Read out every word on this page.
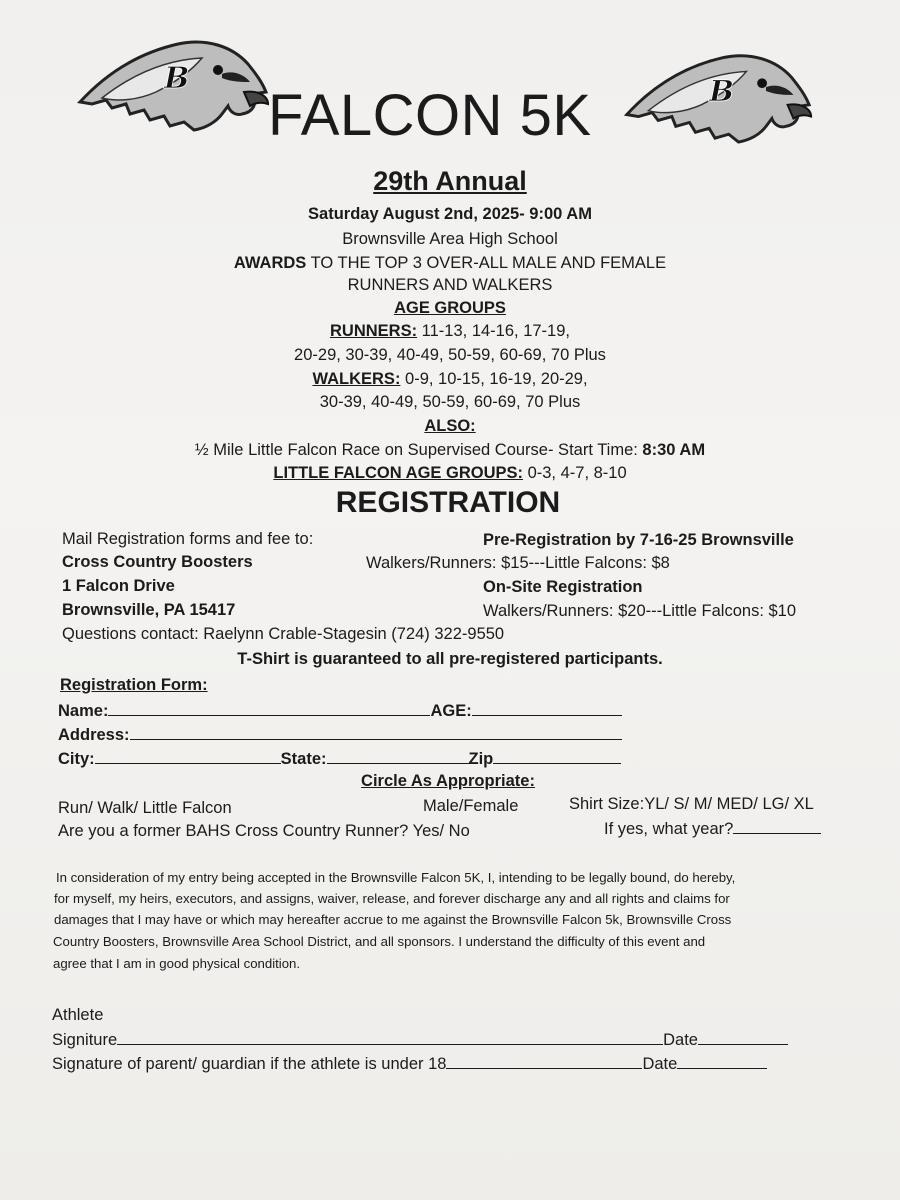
B	B
FALCON 5K
29th Annual
Saturday August 2nd, 2025- 9:00 AM
Brownsville Area High School
AWARDS TO THE TOP 3 OVER-ALL MALE AND FEMALE
RUNNERS AND WALKERS
AGE GROUPS
RUNNERS: 11-13, 14-16, 17-19,
20-29, 30-39, 40-49, 50-59, 60-69, 70 Plus
WALKERS: 0-9, 10-15, 16-19, 20-29,
30-39, 40-49, 50-59, 60-69, 70 Plus
ALSO:
½ Mile Little Falcon Race on Supervised Course- Start Time: 8:30 AM
LITTLE FALCON AGE GROUPS: 0-3, 4-7, 8-10
REGISTRATION
Mail Registration forms and fee to:	Pre-Registration by 7-16-25 Brownsville
Cross Country Boosters	Walkers/Runners: $15---Little Falcons: $8
1 Falcon Drive	On-Site Registration
Brownsville, PA 15417	Walkers/Runners: $20---Little Falcons: $10
Questions contact: Raelynn Crable-Stagesin (724) 322-9550
T-Shirt is guaranteed to all pre-registered participants.
Registration Form:
Name:	AGE:
Address:
City:	State:	Zip
Circle As Appropriate:
Run/ Walk/ Little Falcon	Male/Female	Shirt Size:YL/ S/ M/ MED/ LG/ XL
Are you a former BAHS Cross Country Runner? Yes/ No	If yes, what year?
In consideration of my entry being accepted in the Brownsville Falcon 5K, I, intending to be legally bound, do hereby,
for myself, my heirs, executors, and assigns, waiver, release, and forever discharge any and all rights and claims for
damages that I may have or which may hereafter accrue to me against the Brownsville Falcon 5k, Brownsville Cross
Country Boosters, Brownsville Area School District, and all sponsors. I understand the difficulty of this event and
agree that I am in good physical condition.
Athlete
Signiture	Date
Signature of parent/ guardian if the athlete is under 18	Date
